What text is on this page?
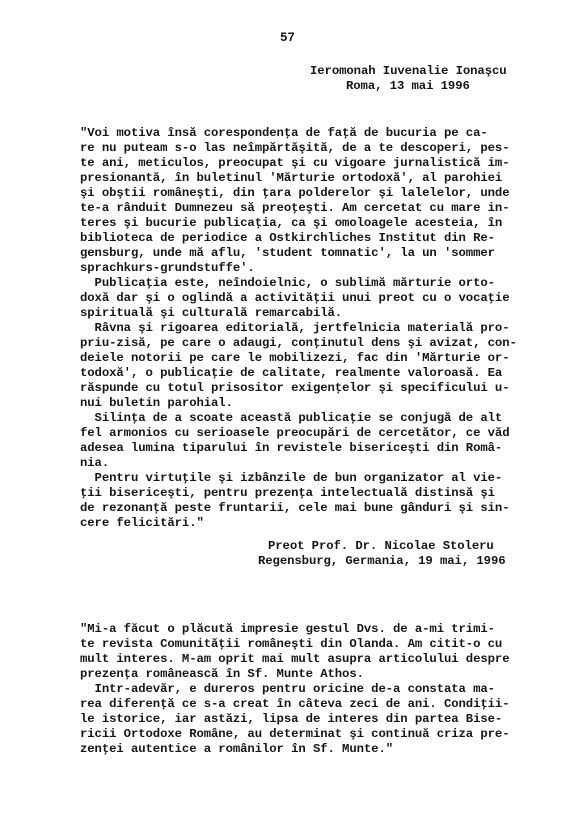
57
Ieromonah Iuvenalie Ionaşcu
Roma, 13 mai 1996
"Voi motiva însă corespondenţa de faţă de bucuria pe ca-
re nu puteam s-o las neîmpărtăşită, de a te descoperi, pes-
te ani, meticulos, preocupat şi cu vigoare jurnalistică im-
presionantă, în buletinul 'Mărturie ortodoxă', al parohiei
şi obştii româneşti, din ţara polderelor şi lalelelor, unde
te-a rânduit Dumnezeu să preoţeşti. Am cercetat cu mare in-
teres şi bucurie publicaţia, ca şi omoloagele acesteia, în
biblioteca de periodice a Ostkirchliches Institut din Re-
gensburg, unde mă aflu, 'student tomnatic', la un 'sommer
sprachkurs-grundstuffe'.
Publicaţia este, neîndoielnic, o sublimă mărturie orto-
doxă dar şi o oglindă a activităţii unui preot cu o vocaţie
spirituală şi culturală remarcabilă.
Râvna şi rigoarea editorială, jertfelnicia materială pro-
priu-zisă, pe care o adaugi, conţinutul dens şi avizat, con-
deiele notorii pe care le mobilizezi, fac din 'Mărturie or-
todoxă', o publicaţie de calitate, realmente valoroasă. Ea
răspunde cu totul prisositor exigenţelor şi specificului u-
nui buletin parohial.
Silinţa de a scoate această publicaţie se conjugă de alt
fel armonios cu serioasele preocupări de cercetător, ce văd
adesea lumina tiparului în revistele bisericeşti din Româ-
nia.
Pentru virtuţile şi izbânzile de bun organizator al vie-
ţii bisericeşti, pentru prezenţa intelectuală distinsă şi
de rezonanţă peste fruntarii, cele mai bune gânduri şi sin-
cere felicitări."
Preot Prof. Dr. Nicolae Stoleru
Regensburg, Germania, 19 mai, 1996
"Mi-a făcut o plăcută impresie gestul Dvs. de a-mi trimi-
te revista Comunităţii româneşti din Olanda. Am citit-o cu
mult interes. M-am oprit mai mult asupra articolului despre
prezenţa românească în Sf. Munte Athos.
Intr-adevăr, e dureros pentru oricine de-a constata ma-
rea diferenţă ce s-a creat în câteva zeci de ani. Condiţii-
le istorice, iar astăzi, lipsa de interes din partea Bise-
ricii Ortodoxe Române, au determinat şi continuă criza pre-
zenţei autentice a românilor în Sf. Munte."
